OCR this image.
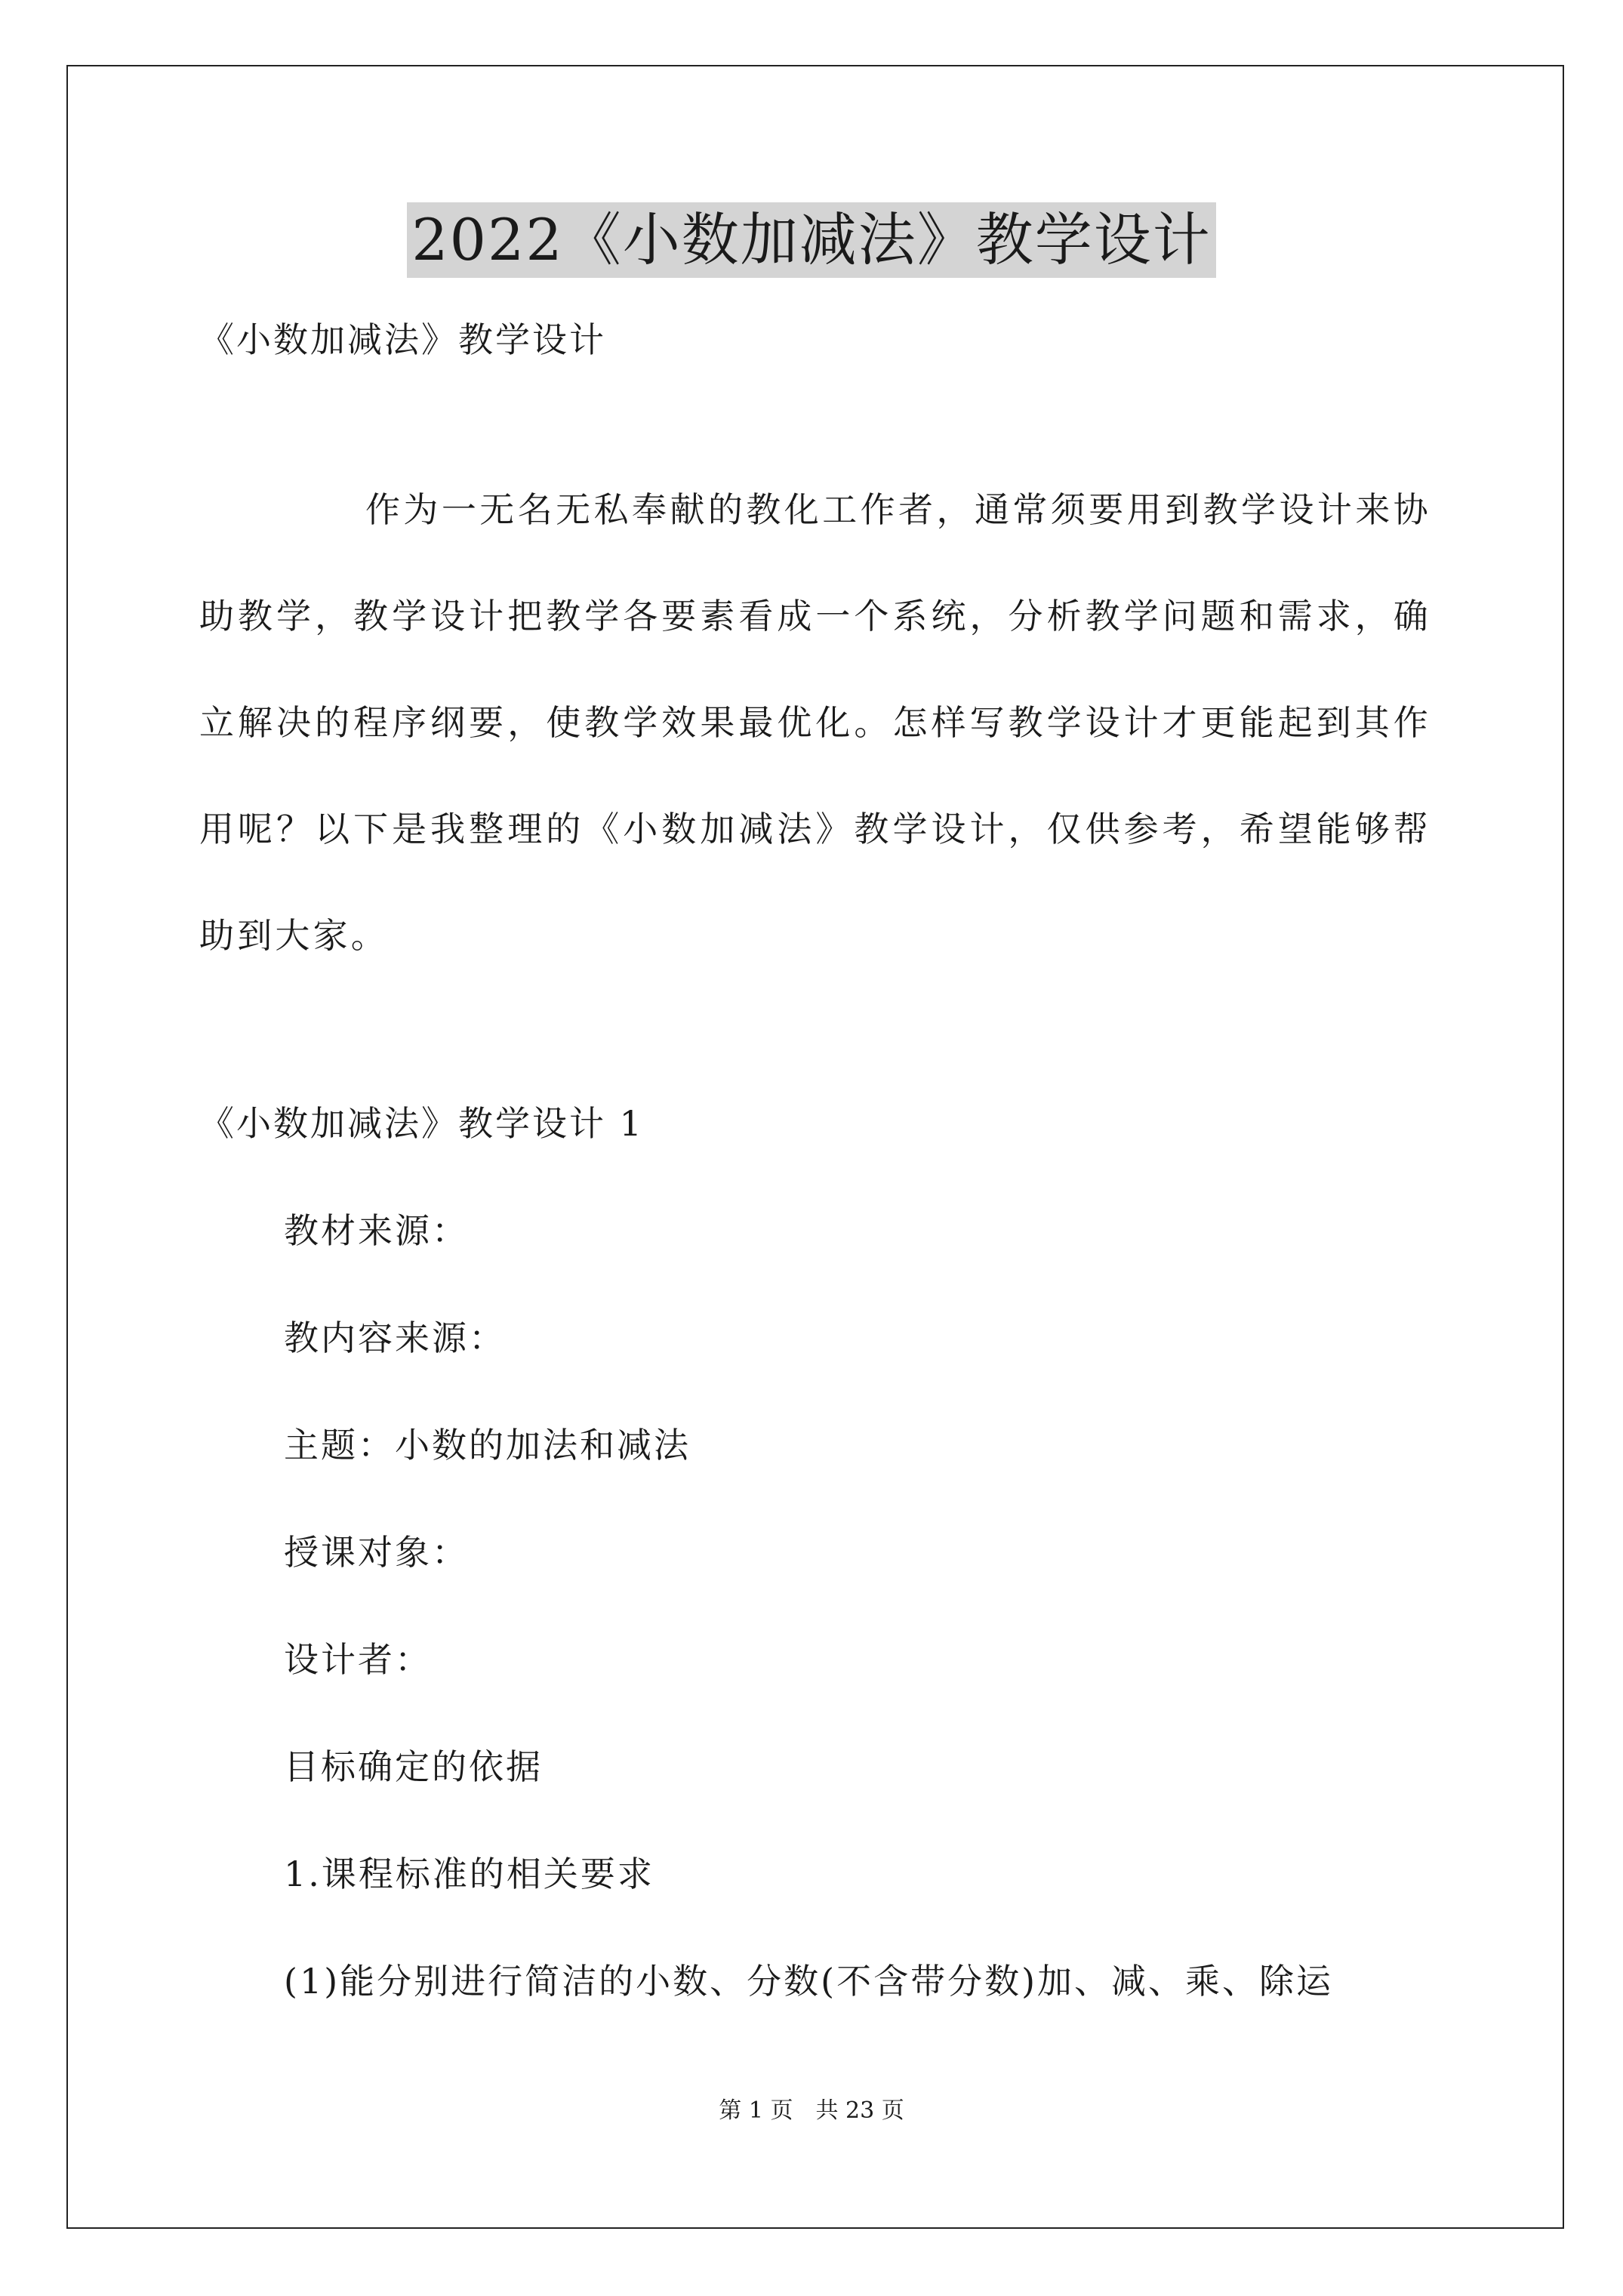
2022《小数加减法》教学设计

《小数加减法》教学设计

作为一无名无私奉献的教化工作者，通常须要用到教学设计来协助教学，教学设计把教学各要素看成一个系统，分析教学问题和需求，确立解决的程序纲要，使教学效果最优化。怎样写教学设计才更能起到其作用呢？以下是我整理的《小数加减法》教学设计，仅供参考，希望能够帮助到大家。

《小数加减法》教学设计 1

教材来源：

教内容来源：

主题：小数的加法和减法

授课对象：

设计者：

目标确定的依据

1.课程标准的相关要求

(1)能分别进行简洁的小数、分数(不含带分数)加、减、乘、除运

第 1 页　共 23 页
